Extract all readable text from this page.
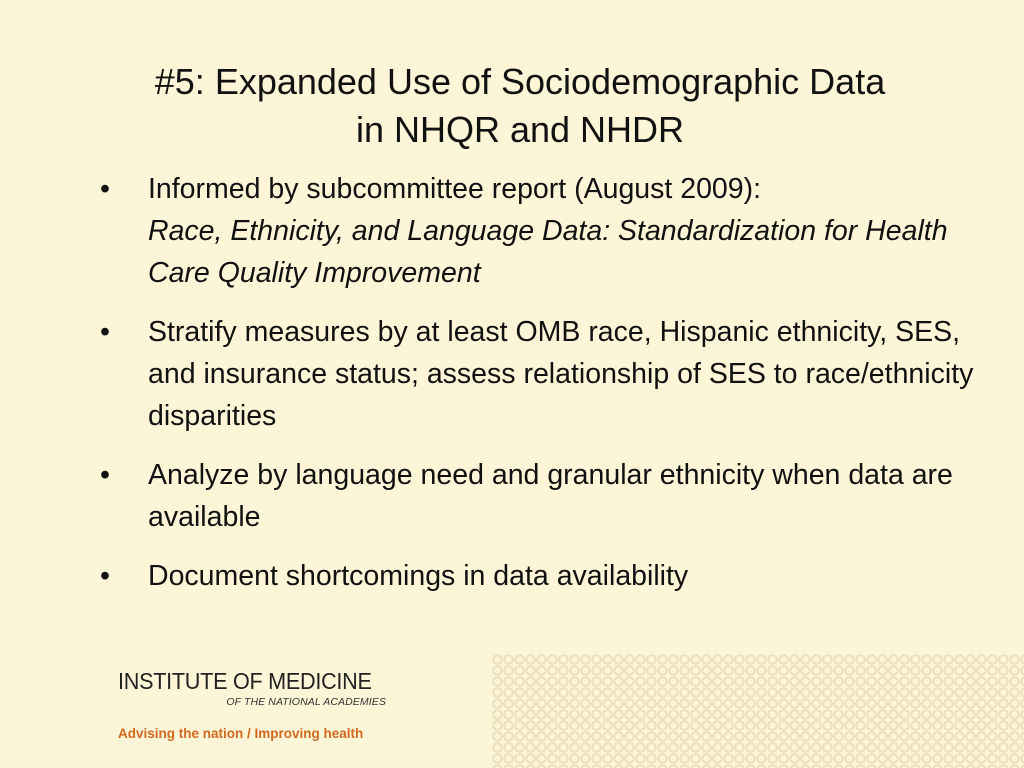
#5: Expanded Use of Sociodemographic Data
in NHQR and NHDR
• Informed by subcommittee report (August 2009):
Race, Ethnicity, and Language Data: Standardization for Health Care Quality Improvement
• Stratify measures by at least OMB race, Hispanic ethnicity, SES, and insurance status; assess relationship of SES to race/ethnicity disparities
• Analyze by language need and granular ethnicity when data are available
• Document shortcomings in data availability
INSTITUTE OF MEDICINE
OF THE NATIONAL ACADEMIES
Advising the nation / Improving health
